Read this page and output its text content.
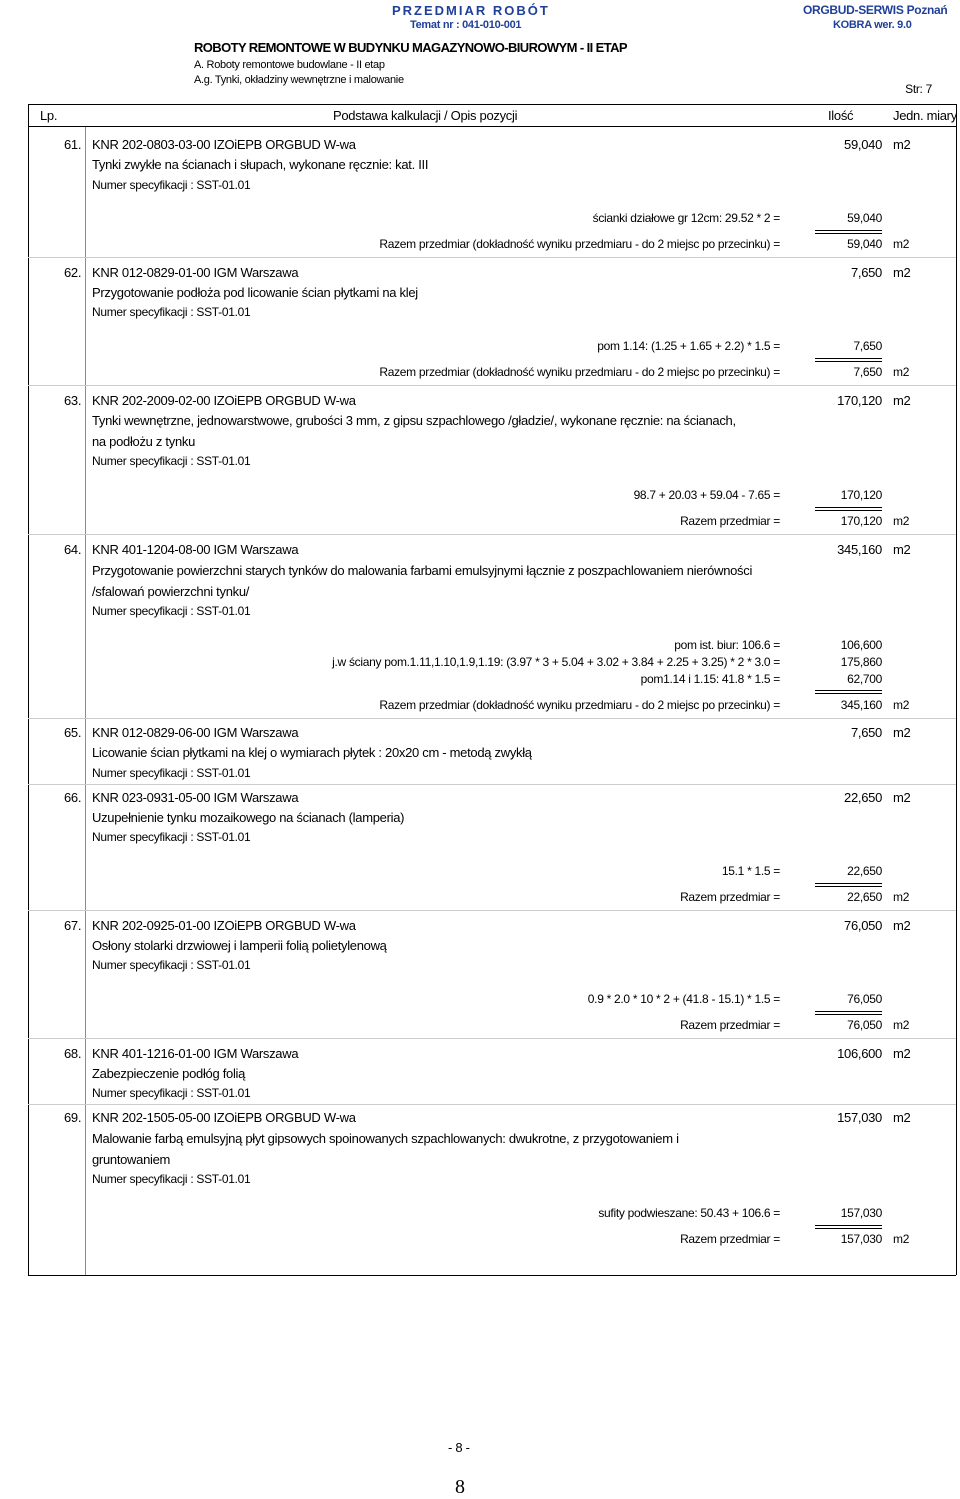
PRZEDMIAR ROBÓT
Temat nr : 041-010-001
ORGBUD-SERWIS Poznań
KOBRA wer. 9.0
ROBOTY REMONTOWE W BUDYNKU MAGAZYNOWO-BIUROWYM - II ETAP
A. Roboty remontowe budowlane - II etap
A.g. Tynki, okładziny wewnętrzne i malowanie
Str: 7
Lp.	Podstawa kalkulacji / Opis pozycji	Ilość	Jedn. miary
61. KNR 202-0803-03-00 IZOiEPB ORGBUD W-wa	59,040 m2
Tynki zwykłe na ścianach i słupach, wykonane ręcznie: kat. III
Numer specyfikacji : SST-01.01
ścianki działowe gr 12cm: 29.52 * 2 =	59,040
Razem przedmiar (dokładność wyniku przedmiaru - do 2 miejsc po przecinku) =	59,040 m2
62. KNR 012-0829-01-00 IGM Warszawa	7,650 m2
Przygotowanie podłoża pod licowanie ścian płytkami na klej
Numer specyfikacji : SST-01.01
pom 1.14: (1.25 + 1.65 + 2.2) * 1.5 =	7,650
Razem przedmiar (dokładność wyniku przedmiaru - do 2 miejsc po przecinku) =	7,650 m2
63. KNR 202-2009-02-00 IZOiEPB ORGBUD W-wa	170,120 m2
Tynki wewnętrzne, jednowarstwowe, grubości 3 mm, z gipsu szpachlowego /gładzie/, wykonane ręcznie: na ścianach,
na podłożu z tynku
Numer specyfikacji : SST-01.01
98.7 + 20.03 + 59.04 - 7.65 =	170,120
Razem przedmiar =	170,120 m2
64. KNR 401-1204-08-00 IGM Warszawa	345,160 m2
Przygotowanie powierzchni starych tynków do malowania farbami emulsyjnymi łącznie z poszpachlowaniem nierówności
/sfalowań powierzchni tynku/
Numer specyfikacji : SST-01.01
pom ist. biur: 106.6 =	106,600
j.w ściany pom.1.11,1.10,1.9,1.19: (3.97 * 3 + 5.04 + 3.02 + 3.84 + 2.25 + 3.25) * 2 * 3.0 =	175,860
pom1.14 i 1.15: 41.8 * 1.5 =	62,700
Razem przedmiar (dokładność wyniku przedmiaru - do 2 miejsc po przecinku) =	345,160 m2
65. KNR 012-0829-06-00 IGM Warszawa	7,650 m2
Licowanie ścian płytkami na klej o wymiarach płytek : 20x20 cm - metodą zwykłą
Numer specyfikacji : SST-01.01
66. KNR 023-0931-05-00 IGM Warszawa	22,650 m2
Uzupełnienie tynku mozaikowego na ścianach (lamperia)
Numer specyfikacji : SST-01.01
15.1 * 1.5 =	22,650
Razem przedmiar =	22,650 m2
67. KNR 202-0925-01-00 IZOiEPB ORGBUD W-wa	76,050 m2
Osłony stolarki drzwiowej i lamperii folią polietylenową
Numer specyfikacji : SST-01.01
0.9 * 2.0 * 10 * 2 + (41.8 - 15.1) * 1.5 =	76,050
Razem przedmiar =	76,050 m2
68. KNR 401-1216-01-00 IGM Warszawa	106,600 m2
Zabezpieczenie podłóg folią
Numer specyfikacji : SST-01.01
69. KNR 202-1505-05-00 IZOiEPB ORGBUD W-wa	157,030 m2
Malowanie farbą emulsyjną płyt gipsowych spoinowanych szpachlowanych: dwukrotne, z przygotowaniem i
gruntowaniem
Numer specyfikacji : SST-01.01
sufity podwieszane: 50.43 + 106.6 =	157,030
Razem przedmiar =	157,030 m2
- 8 -
8
